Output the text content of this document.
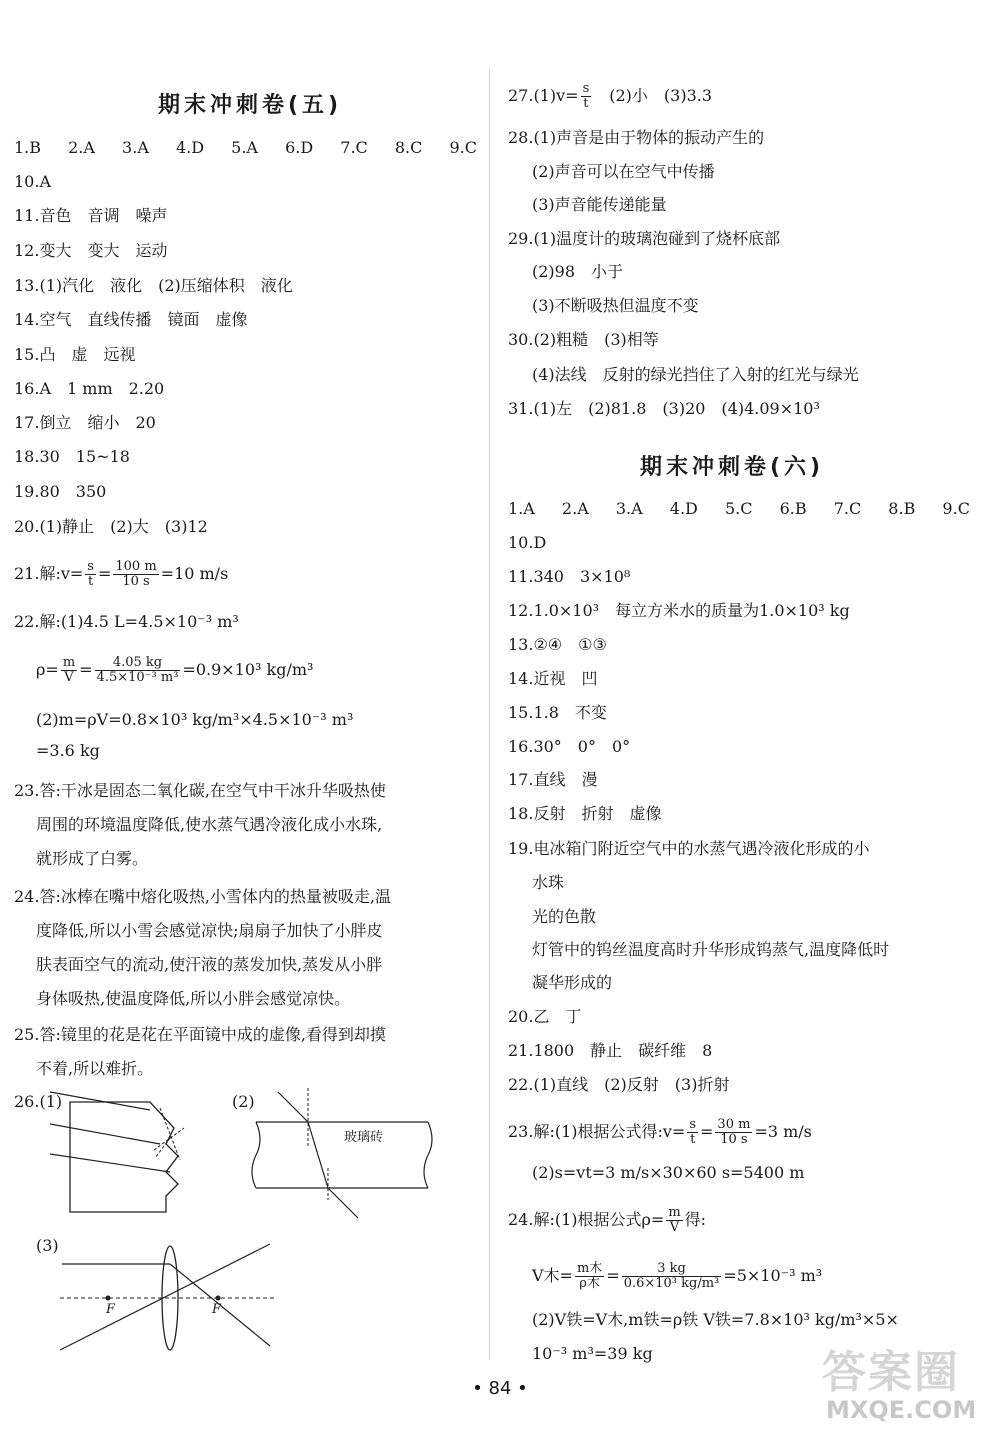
期末冲刺卷(五)
1.B 2.A 3.A 4.D 5.A 6.D 7.C 8.C 9.C
10.A
11.音色　音调　噪声
12.变大　变大　运动
13.(1)汽化　液化　(2)压缩体积　液化
14.空气　直线传播　镜面　虚像
15.凸　虚　远视
16.A　1 mm　2.20
17.倒立　缩小　20
18.30　15~18
19.80　350
20.(1)静止　(2)大　(3)12
21.解:v= $\frac{s}{t} = \frac{100 m}{10 s} =10$ m/s
22.解:(1)4.5 L=4.5×10⁻³ m³
$\rho= \frac{m}{V} = \frac{4.05 kg}{\text{4.5×10⁻³ m³}} =0.9\times 10^3$ kg/m³
(2)m=ρV=0.8×10³ kg/m³×4.5×10⁻³ m³
=3.6 kg
23.答:干冰是固态二氧化碳,在空气中干冰升华吸热使
周围的环境温度降低,使水蒸气遇冷液化成小水珠,
就形成了白雾。
24.答:冰棒在嘴中熔化吸热,小雪体内的热量被吸走,温
度降低,所以小雪会感觉凉快;扇扇子加快了小胖皮
肤表面空气的流动,使汗液的蒸发加快,蒸发从小胖
身体吸热,使温度降低,所以小胖会感觉凉快。
25.答:镜里的花是花在平面镜中成的虚像,看得到却摸
不着,所以难折。
26.(1)	(2)
(3)
玻璃砖
F	F
$27.(1)v= \frac{s}{t}$ 　(2)小　(3)3.3
28.(1)声音是由于物体的振动产生的
(2)声音可以在空气中传播
(3)声音能传递能量
29.(1)温度计的玻璃泡碰到了烧杯底部
(2)98　小于
(3)不断吸热但温度不变
30.(2)粗糙　(3)相等
(4)法线　反射的绿光挡住了入射的红光与绿光
31.(1)左　(2)81.8　(3)20　(4)4.09×10³
期末冲刺卷(六)
1.A 2.A 3.A 4.D 5.C 6.B 7.C 8.B 9.C
10.D
11.340　3×10⁸
12.1.0×10³　每立方米水的质量为1.0×10³ kg
13.②④　①③
14.近视　凹
15.1.8　不变
16.30°　0°　0°
17.直线　漫
18.反射　折射　虚像
19.电冰箱门附近空气中的水蒸气遇冷液化形成的小
水珠
光的色散
灯管中的钨丝温度高时升华形成钨蒸气,温度降低时
凝华形成的
20.乙　丁
21.1800　静止　碳纤维　8
22.(1)直线　(2)反射　(3)折射
23.解:(1)根据公式得:v= $\frac{s}{t} = \frac{30 m}{10 s} =3$ m/s
(2)s=vt=3 m/s×30×60 s=5400 m
24.解:(1)根据公式$\rho= \frac{m}{V}$ 得:
V木= $\frac{\text{m木}}{\text{ρ木}} = \frac{3 kg}{\text{0.6×10³ kg/m³}} =5\times 10^{-3}$ m³
(2)V铁=V木,m铁=ρ铁 V铁=7.8×10³ kg/m³×5×
10⁻³ m³=39 kg
• 84 •	答案圈
MXQE.COM
